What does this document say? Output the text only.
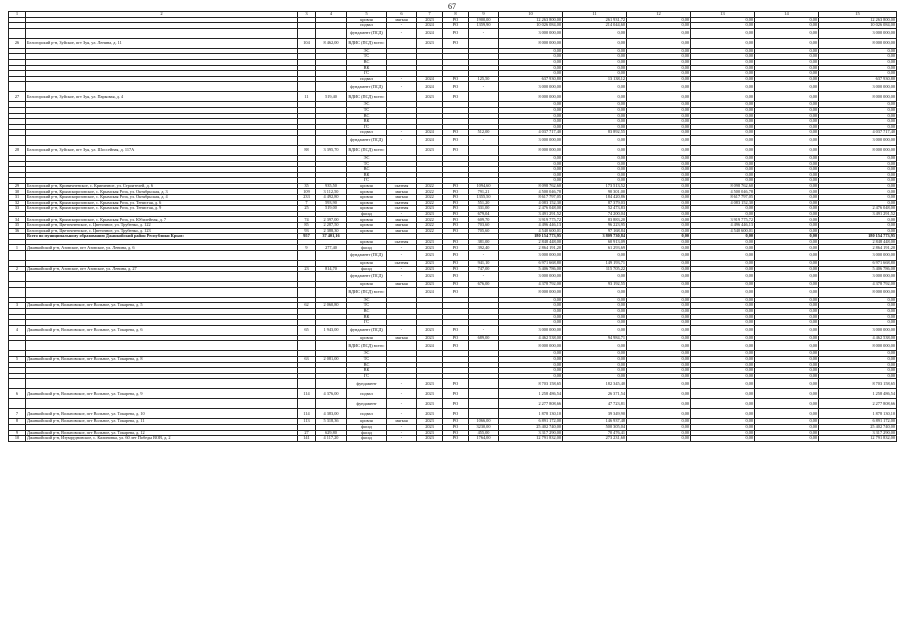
67
1	2	3	4	5	6	7	8	9	10	11	12	13	14	15
				кровля	мягкая	2023	РО	1900,00	12 263 800,00	261 931,72	0,00	0,00	0,00	12 263 800,00
				подвал	-	2024	РО	1359,90	10 026 084,00	214 044,60	0,00	0,00	0,00	10 026 084,00
				фундамент (ПСД)	-	2024	РО	-	3 000 000,00	0,00	0,00	0,00	0,00	3 000 000,00
26	Белогорский р-н, Зуйское, пгт Зуя, ул. Ленина, д. 11	104	8 462,00	ВДИС (ПСД) всего:		2023	РО		8 000 000,00	0,00	0,00	0,00	0,00	8 000 000,00
				ЭС					0,00	0,00	0,00	0,00	0,00	0,00
				ТС					0,00	0,00	0,00	0,00	0,00	0,00
				ВС					0,00	0,00	0,00	0,00	0,00	0,00
				ВК					0,00	0,00	0,00	0,00	0,00	0,00
				ГС					0,00	0,00	0,00	0,00	0,00	0,00
				подвал	-	2024	РО	125,50	637 930,80	13 138,12	0,00	0,00	0,00	637 930,80
				фундамент (ПСД)	-	2024	РО	-	3 000 000,00	0,00	0,00	0,00	0,00	3 000 000,00
27	Белогорский р-н, Зуйское, пгт Зуя, ул. Парковая, д. 4	11	519,40	ВДИС (ПСД) всего:		2023	РО		8 000 000,00	0,00	0,00	0,00	0,00	8 000 000,00
				ЭС					0,00	0,00	0,00	0,00	0,00	0,00
				ТС					0,00	0,00	0,00	0,00	0,00	0,00
				ВС					0,00	0,00	0,00	0,00	0,00	0,00
				ВК					0,00	0,00	0,00	0,00	0,00	0,00
				ГС					0,00	0,00	0,00	0,00	0,00	0,00
				подвал	-	2024	РО	512,00	4 037 717,40	83 892,55	0,00	0,00	0,00	4 037 717,40
				фундамент (ПСД)	-	2024	РО	-	3 000 000,00	0,00	0,00	0,00	0,00	3 000 000,00
28	Белогорский р-н, Зуйское, пгт Зуя, ул. Шоссейная, д. 117А	88	3 395,70	ВДИС (ПСД) всего:		2023	РО		8 000 000,00	0,00	0,00	0,00	0,00	8 000 000,00
				ЭС					0,00	0,00	0,00	0,00	0,00	0,00
				ТС					0,00	0,00	0,00	0,00	0,00	0,00
				ВС					0,00	0,00	0,00	0,00	0,00	0,00
				ВК					0,00	0,00	0,00	0,00	0,00	0,00
				ГС					0,00	0,00	0,00	0,00	0,00	0,00
29	Белогорский р-н, Криничненское, с. Криничное, ул. Строителей, д. 6	35	935,50	кровля	скатная	2022	РО	1094,60	8 098 762,60	173 513,52	0,00	8 098 762,60	0,00	0,00
30	Белогорский р-н, Крымскорозовское, с. Крымская Роза, ул. Октябрьская, д. 3	109	3 112,50	кровля	мягкая	2022	РО	791,21	4 500 046,78	90 301,00	0,00	4 500 046,78	0,00	0,00
31	Белогорский р-н, Крымскорозовское, с. Крымская Роза, ул. Октябрьская, д. 4	233	4 492,80	кровля	мягкая	2022	РО	1355,50	8 617 797,05	184 420,86	0,00	8 617 797,05	0,00	0,00
32	Белогорский р-н, Крымскорозовское, с. Крымская Роза, ул. Тенистая, д. 6	7	593,90	кровля	скатная	2022	РО	551,20	4 083 152,30	87 379,03	0,00	4 083 152,30	0,00	0,00
33	Белогорский р-н, Крымскорозовское, с. Крымская Роза, ул. Тенистая, д. 9	25	519,00	кровля	скатная	2023	РО	331,00	2 476 048,00	52 473,83	0,00	0,00	0,00	2 476 048,00
				фасад	-	2023	РО	679,04	3 491 291,52	74 200,04	0,00	0,00	0,00	3 491 291,52
34	Белогорский р-н, Крымскорозовское, с. Крымская Роза, ул. Юбилейная, д. 7	74	2 397,00	кровля	мягкая	2022	РО	609,70	3 919 775,72	83 883,20	0,00	3 919 775,72	0,00	0,00
35	Белогорский р-н, Цветочненское, с. Цветочное, ул. Трубенко, д. 122	85	2 287,50	кровля	мягкая	2022	РО	703,60	4 496 446,13	96 223,95	0,00	4 496 446,13	0,00	0,00
36	Белогорский р-н, Цветочненское, с. Цветочное, ул. Трубенко, д. 123	93	2 388,30	кровля	мягкая	2022	РО	705,60	4 540 600,01	97 168,84	0,00	4 540 600,01	0,00	0,00
	Всего по муниципальному образованию Джанкойский район Республики Крым:	957	37 401,16						180 154 773,95	3 809 730,84	0,00	0,00	0,00	180 154 773,95
				кровля	скатная	2023	РО	381,00	2 848 448,00	60 913,09	0,00	0,00	0,00	2 848 448,00
1	Джанкойский р-н, Азовское, пгт Азовское, ул. Ленина, д. 6	9	277,40	фасад	-	2023	РО	392,40	2 864 191,20	61 293,69	0,00	0,00	0,00	2 864 191,20
				фундамент (ПСД)	-	2023	РО	-	3 000 000,00	0,00	0,00	0,00	0,00	3 000 000,00
				кровля	скатная	2023	РО	941,10	6 971 668,80	149 193,71	0,00	0,00	0,00	6 971 668,80
2	Джанкойский р-н, Азовское, пгт Азовское, ул. Ленина, д. 27	23	814,70	фасад	-	2023	РО	747,00	5 406 786,00	115 705,22	0,00	0,00	0,00	5 406 786,00
				фундамент (ПСД)	-	2023	РО	-	3 000 000,00	0,00	0,00	0,00	0,00	3 000 000,00
				кровля	мягкая	2023	РО	676,00	4 378 792,00	93 192,55	0,00	0,00	0,00	4 378 792,00
				ВДИС (ПСД) всего:		2024	РО		8 000 000,00	0,00	0,00	0,00	0,00	8 000 000,00
				ЭС					0,00	0,00	0,00	0,00	0,00	0,00
3	Джанкойский р-н, Вольновское, пгт Вольное, ул. Токарева, д. 5	62	2 060,80	ТС					0,00	0,00	0,00	0,00	0,00	0,00
				ВС					0,00	0,00	0,00	0,00	0,00	0,00
				ВК					0,00	0,00	0,00	0,00	0,00	0,00
				ГС					0,00	0,00	0,00	0,00	0,00	0,00
4	Джанкойский р-н, Вольновское, пгт Вольное, ул. Токарева, д. 6	65	1 943,00	фундамент (ПСД)	-	2023	РО	-	3 000 000,00	0,00	0,00	0,00	0,00	3 000 000,00
				кровля	мягкая	2023	РО	689,00	4 462 538,00	94 984,71	0,00	0,00	0,00	4 462 538,00
				ВДИС (ПСД) всего:		2024	РО		8 000 000,00	0,00	0,00	0,00	0,00	8 000 000,00
				ЭС					0,00	0,00	0,00	0,00	0,00	0,00
5	Джанкойский р-н, Вольновское, пгт Вольное, ул. Токарева, д. 8	63	2 081,00	ТС					0,00	0,00	0,00	0,00	0,00	0,00
				ВС					0,00	0,00	0,00	0,00	0,00	0,00
				ВК					0,00	0,00	0,00	0,00	0,00	0,00
				ГС					0,00	0,00	0,00	0,00	0,00	0,00
				фундамент	-	2023	РО		8 703 158,65	182 345,40	0,00	0,00	0,00	8 703 158,65
6	Джанкойский р-н, Вольновское, пгт Вольное, ул. Токарева, д. 9	114	4 376,00	подвал	-	2023	РО		1 258 486,54	26 371,54	0,00	0,00	0,00	1 258 486,54
				фундамент	-	2023	РО		2 277 808,66	47 723,81	0,00	0,00	0,00	2 277 808,66
7	Джанкойский р-н, Вольновское, пгт Вольное, ул. Токарева, д. 10	114	4 383,00	подвал	-	2023	РО		1 878 130,10	39 349,90	0,00	0,00	0,00	1 878 130,10
8	Джанкойский р-н, Вольновское, пгт Вольное, ул. Токарева, д. 11	113	5 318,36	кровля	мягкая	2023	РО	1066,00	6 891 172,00	146 937,48	0,00	0,00	0,00	6 891 172,00
				фасад	-	2023	РО	3230,00	25 402 740,00	500 305,04	0,00	0,00	0,00	25 402 740,00
9	Джанкойский р-н, Вольновское, пгт Вольное, ул. Токарева, д. 12	27	629,80	фасад	-	2023	РО	455,00	3 317 290,00	70 476,41	0,00	0,00	0,00	3 317 290,00
10	Джанкойский р-н, Изумрудновское, с. Калиновка, ул. 60 лет Победы ВОВ, д. 2	141	4 117,20	фасад	-	2023	РО	1764,00	12 791 832,00	273 231,60	0,00	0,00	0,00	12 791 832,00
